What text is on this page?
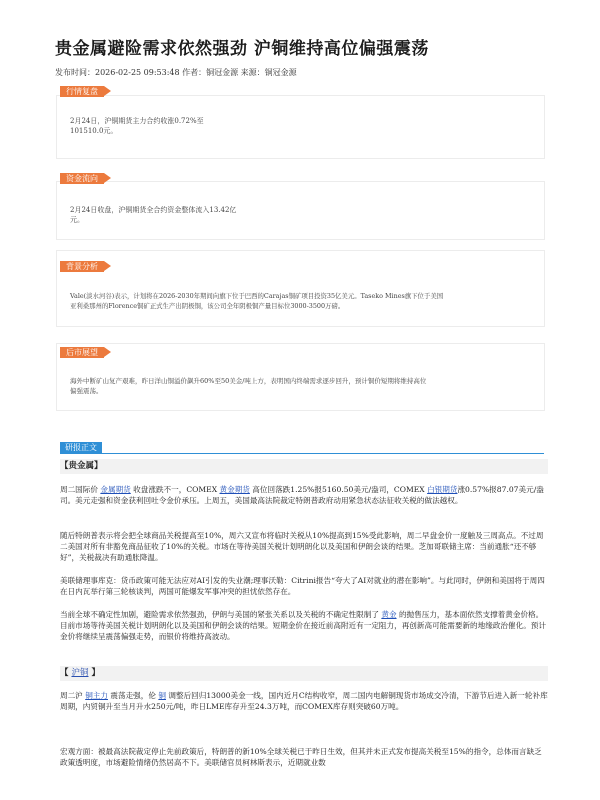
贵金属避险需求依然强劲 沪铜维持高位偏强震荡
发布时间：2026-02-25 09:53:48 作者：铜冠金源 来源：铜冠金源
行情复盘
2月24日，沪铜期货主力合约收涨0.72%至
101510.0元。
资金流向
2月24日收盘，沪铜期货全合约资金整体流入13.42亿
元。
背景分析
Vale(淡水河谷)表示，计划将在2026-2030年期间向旗下位于巴西的Carajas铜矿项目投资35亿美元。Taseko Mines旗下位于美国
亚利桑那州的Florence铜矿正式生产出阴极铜，该公司全年阴极铜产量目标位3000-3500万磅。
后市展望
海外中断矿山复产艰难，昨日洋山铜溢价飙升60%至50美金/吨上方，表明国内终端需求逐步回升，预计铜价短期将维持高位
偏强震荡。
研报正文
【贵金属】
周二国际价 金属期货 收盘涨跌不一，COMEX 黄金期货 高位回落跌1.25%报5160.50美元/盎司，COMEX 白银期货涨0.57%报87.07美元/盎司。美元走强和资金获利回吐令金价承压。上周五，美国最高法院裁定特朗普政府动用紧急状态法征收关税的做法越权。
随后特朗普表示将会把全球商品关税提高至10%，周六又宣布将临时关税从10%提高到15%受此影响，周二早盘金价一度触及三周高点。不过周二美国对所有非豁免商品征收了10%的关税。市场在等待美国关税计划明朗化以及美国和伊朗会谈的结果。芝加哥联储主席：当前通胀“还不够好”，关税裁决有助通胀降温。
美联储理事库克：货币政策可能无法应对AI引发的失业潮;理事沃勒：Citrini报告“夸大了AI对就业的潜在影响”。与此同时，伊朗和美国将于周四在日内瓦举行第三轮核谈判，两国可能爆发军事冲突的担忧依然存在。
当前全球不确定性加剧，避险需求依然强劲，伊朗与美国的紧张关系以及关税的不确定性限制了 黄金 的抛售压力，基本面依然支撑着黄金价格。目前市场等待美国关税计划明朗化以及美国和伊朗会谈的结果。短期金价在接近前高附近有一定阻力，再创新高可能需要新的地缘政治催化。预计金价将继续呈震荡偏强走势，而银价将维持高波动。
【 沪铜 】
周二沪 铜主力 震荡走强，伦 铜 调整后回归13000美金一线，国内近月C结构收窄，周二国内电解铜现货市场成交冷清，下游节后进入新一轮补库周期，内贸铜升至当月升水250元/吨，昨日LME库存升至24.3万吨，而COMEX库存则突破60万吨。
宏观方面：被最高法院裁定停止先前政策后，特朗普的新10%全球关税已于昨日生效，但其并未正式发布提高关税至15%的指令，总体而言缺乏政策透明度，市场避险情绪仍然居高不下。美联储官员柯林斯表示，近期就业数
